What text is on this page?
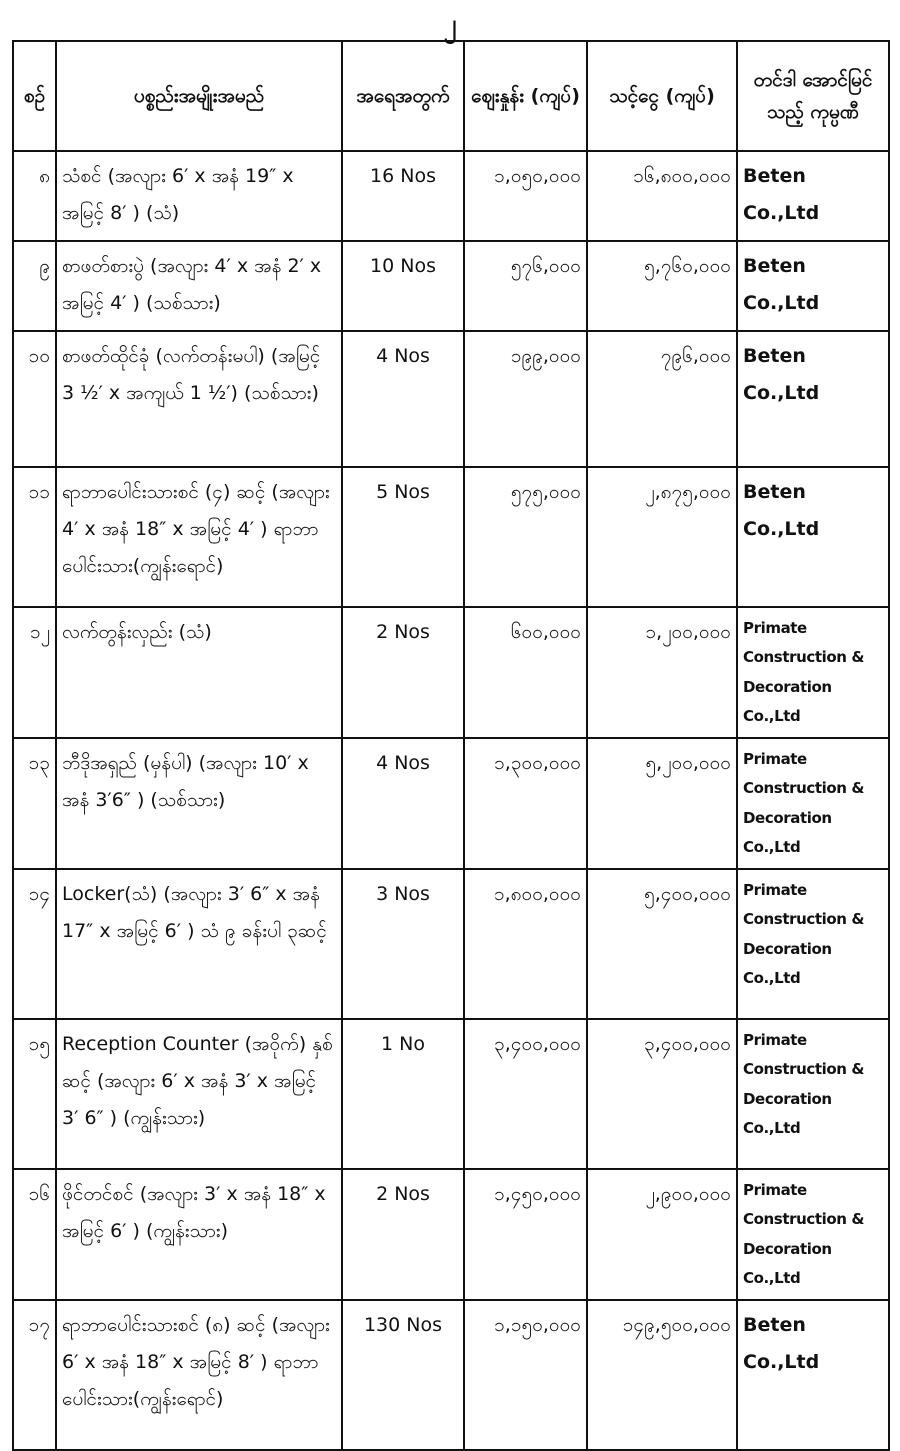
၂
စဉ်	ပစ္စည်းအမျိုးအမည်	အရေအတွက်	ဈေးနှုန်း (ကျပ်)	သင့်ငွေ (ကျပ်)	တင်ဒါ အောင်မြင်သည့် ကုမ္ပဏီ
၈	သံစင် (အလျား 6′ x အနံ 19″ x အမြင့် 8′ ) (သံ)	16 Nos	၁,၀၅၀,၀၀၀	၁၆,၈၀၀,၀၀၀	Beten Co.,Ltd
၉	စာဖတ်စားပွဲ (အလျား 4′ x အနံ 2′ x အမြင့် 4′ ) (သစ်သား)	10 Nos	၅၇၆,၀၀၀	၅,၇၆၀,၀၀၀	Beten Co.,Ltd
၁၀	စာဖတ်ထိုင်ခုံ (လက်တန်းမပါ) (အမြင့် 3 ½′ x အကျယ် 1 ½′) (သစ်သား)	4 Nos	၁၉၉,၀၀၀	၇၉၆,၀၀၀	Beten Co.,Ltd
၁၁	ရာဘာပေါင်းသားစင် (၄) ဆင့် (အလျား 4′ x အနံ 18″ x အမြင့် 4′ ) ရာဘာပေါင်းသား(ကျွန်းရောင်)	5 Nos	၅၇၅,၀၀၀	၂,၈၇၅,၀၀၀	Beten Co.,Ltd
၁၂	လက်တွန်းလှည်း (သံ)	2 Nos	၆၀၀,၀၀၀	၁,၂၀၀,၀၀၀	Primate Construction & Decoration Co.,Ltd
၁၃	ဘီဒိုအရှည် (မှန်ပါ) (အလျား 10′ x အနံ 3′6″ ) (သစ်သား)	4 Nos	၁,၃၀၀,၀၀၀	၅,၂၀၀,၀၀၀	Primate Construction & Decoration Co.,Ltd
၁၄	Locker(သံ) (အလျား 3′ 6″ x အနံ 17″ x အမြင့် 6′ ) သံ ၉ ခန်းပါ ၃ဆင့်	3 Nos	၁,၈၀၀,၀၀၀	၅,၄၀၀,၀၀၀	Primate Construction & Decoration Co.,Ltd
၁၅	Reception Counter (အဝိုက်) နှစ်ဆင့် (အလျား 6′ x အနံ 3′ x အမြင့် 3′ 6″ ) (ကျွန်းသား)	1 No	၃,၄၀၀,၀၀၀	၃,၄၀၀,၀၀၀	Primate Construction & Decoration Co.,Ltd
၁၆	ဖိုင်တင်စင် (အလျား 3′ x အနံ 18″ x အမြင့် 6′ ) (ကျွန်းသား)	2 Nos	၁,၄၅၀,၀၀၀	၂,၉၀၀,၀၀၀	Primate Construction & Decoration Co.,Ltd
၁၇	ရာဘာပေါင်းသားစင် (၈) ဆင့် (အလျား 6′ x အနံ 18″ x အမြင့် 8′ ) ရာဘာပေါင်းသား(ကျွန်းရောင်)	130 Nos	၁,၁၅၀,၀၀၀	၁၄၉,၅၀၀,၀၀၀	Beten Co.,Ltd
